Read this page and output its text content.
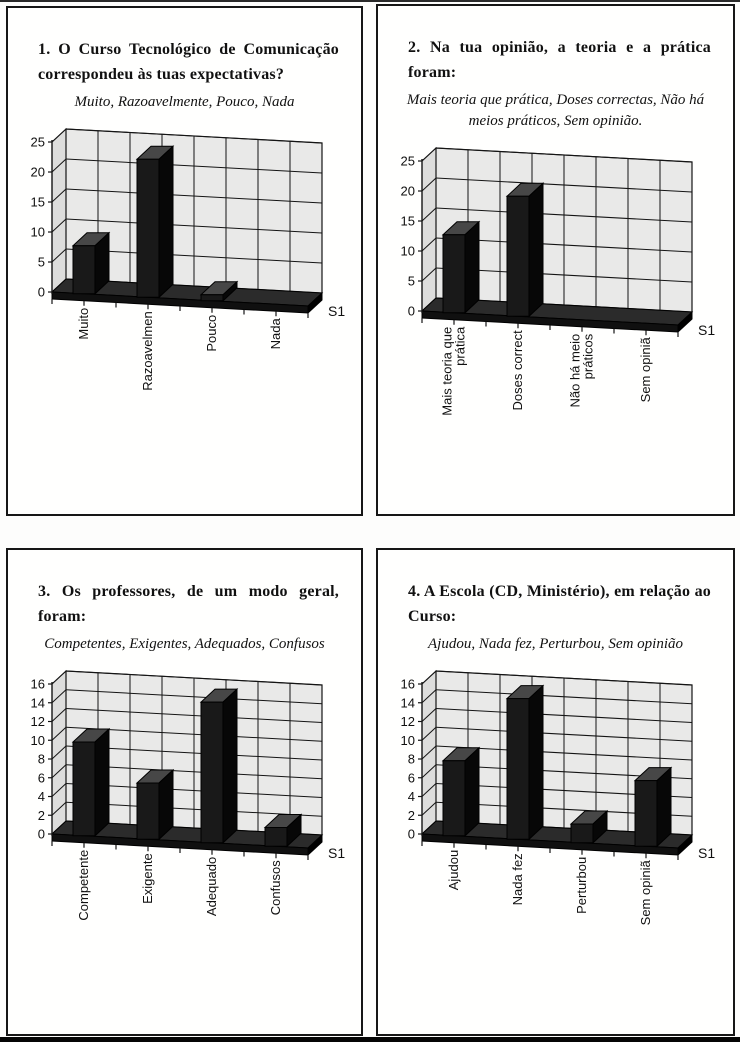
1. O Curso Tecnológico de Comunicação correspondeu às tuas expectativas?
Muito, Razoavelmente, Pouco, Nada
0
5
10
15
20
25
S1
Muito	Razoavelmen	Pouco	Nada
2. Na tua opinião, a teoria e a prática foram:
Mais teoria que prática, Doses correctas, Não há meios práticos, Sem opinião.
0
5
10
15
20
25
S1
Mais teoria que
prática	Doses correct	Não há meio
práticos	Sem opiniã
3. Os professores, de um modo geral, foram:
Competentes, Exigentes, Adequados, Confusos
0
2
4
6
8
10
12
14
16
S1
Competente	Exigente	Adequado	Confusos
4. A Escola (CD, Ministério), em relação ao Curso:
Ajudou, Nada fez, Perturbou, Sem opinião
0
2
4
6
8
10
12
14
16
S1
Ajudou	Nada fez	Perturbou	Sem opiniã
